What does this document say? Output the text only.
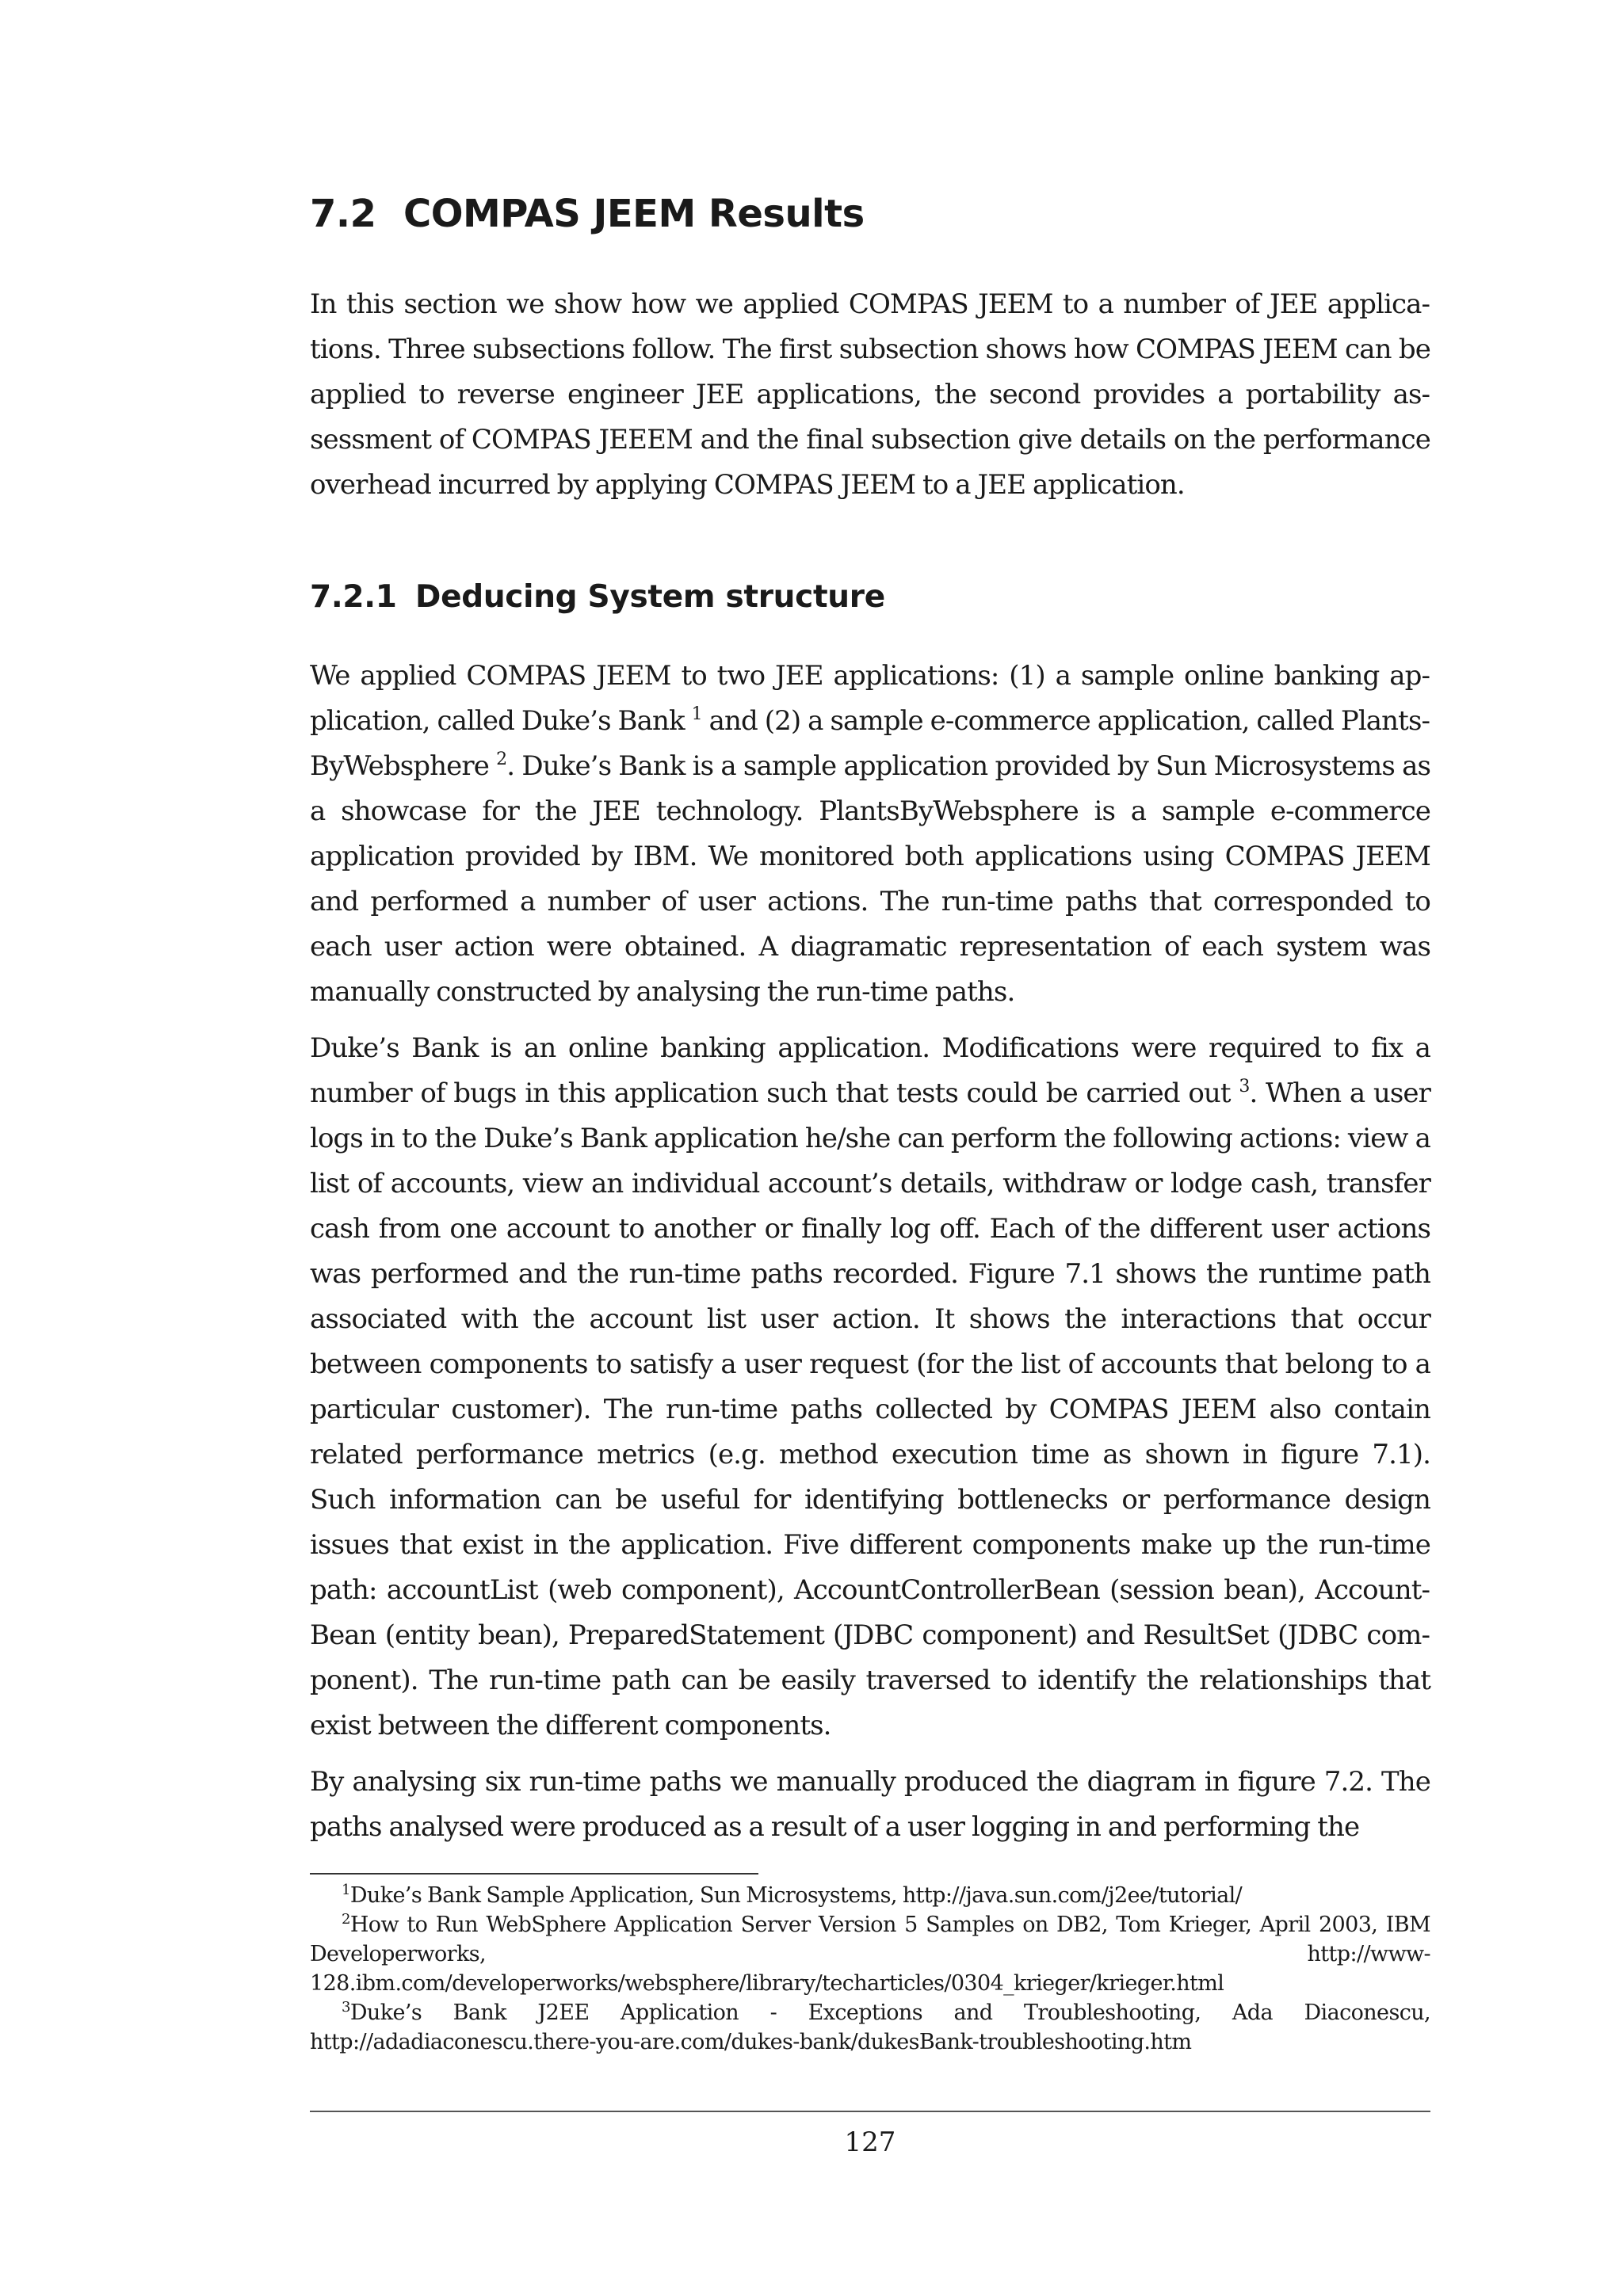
7.2 COMPAS JEEM Results

In this section we show how we applied COMPAS JEEM to a number of JEE applications. Three subsections follow. The first subsection shows how COMPAS JEEM can be applied to reverse engineer JEE applications, the second provides a portability assessment of COMPAS JEEEM and the final subsection give details on the performance overhead incurred by applying COMPAS JEEM to a JEE application.

7.2.1 Deducing System structure

We applied COMPAS JEEM to two JEE applications: (1) a sample online banking application, called Duke’s Bank $^1$ and (2) a sample e-commerce application, called PlantsByWebsphere $^2$. Duke’s Bank is a sample application provided by Sun Microsystems as a showcase for the JEE technology. PlantsByWebsphere is a sample e-commerce application provided by IBM. We monitored both applications using COMPAS JEEM and performed a number of user actions. The run-time paths that corresponded to each user action were obtained. A diagramatic representation of each system was manually constructed by analysing the run-time paths.

Duke’s Bank is an online banking application. Modifications were required to fix a number of bugs in this application such that tests could be carried out $^3$. When a user logs in to the Duke’s Bank application he/she can perform the following actions: view a list of accounts, view an individual account’s details, withdraw or lodge cash, transfer cash from one account to another or finally log off. Each of the different user actions was performed and the run-time paths recorded. Figure 7.1 shows the runtime path associated with the account list user action. It shows the interactions that occur between components to satisfy a user request (for the list of accounts that belong to a particular customer). The run-time paths collected by COMPAS JEEM also contain related performance metrics (e.g. method execution time as shown in figure 7.1). Such information can be useful for identifying bottlenecks or performance design issues that exist in the application. Five different components make up the run-time path: accountList (web component), AccountControllerBean (session bean), AccountBean (entity bean), PreparedStatement (JDBC component) and ResultSet (JDBC component). The run-time path can be easily traversed to identify the relationships that exist between the different components.

By analysing six run-time paths we manually produced the diagram in figure 7.2. The paths analysed were produced as a result of a user logging in and performing the

$^1$Duke’s Bank Sample Application, Sun Microsystems, http://java.sun.com/j2ee/tutorial/

$^2$How to Run WebSphere Application Server Version 5 Samples on DB2, Tom Krieger, April 2003, IBM Developerworks, http://www-128.ibm.com/developerworks/websphere/library/techarticles/0304_krieger/krieger.html

$^3$Duke’s Bank J2EE Application - Exceptions and Troubleshooting, Ada Diaconescu, http://adadiaconescu.there-you-are.com/dukes-bank/dukesBank-troubleshooting.htm

127
